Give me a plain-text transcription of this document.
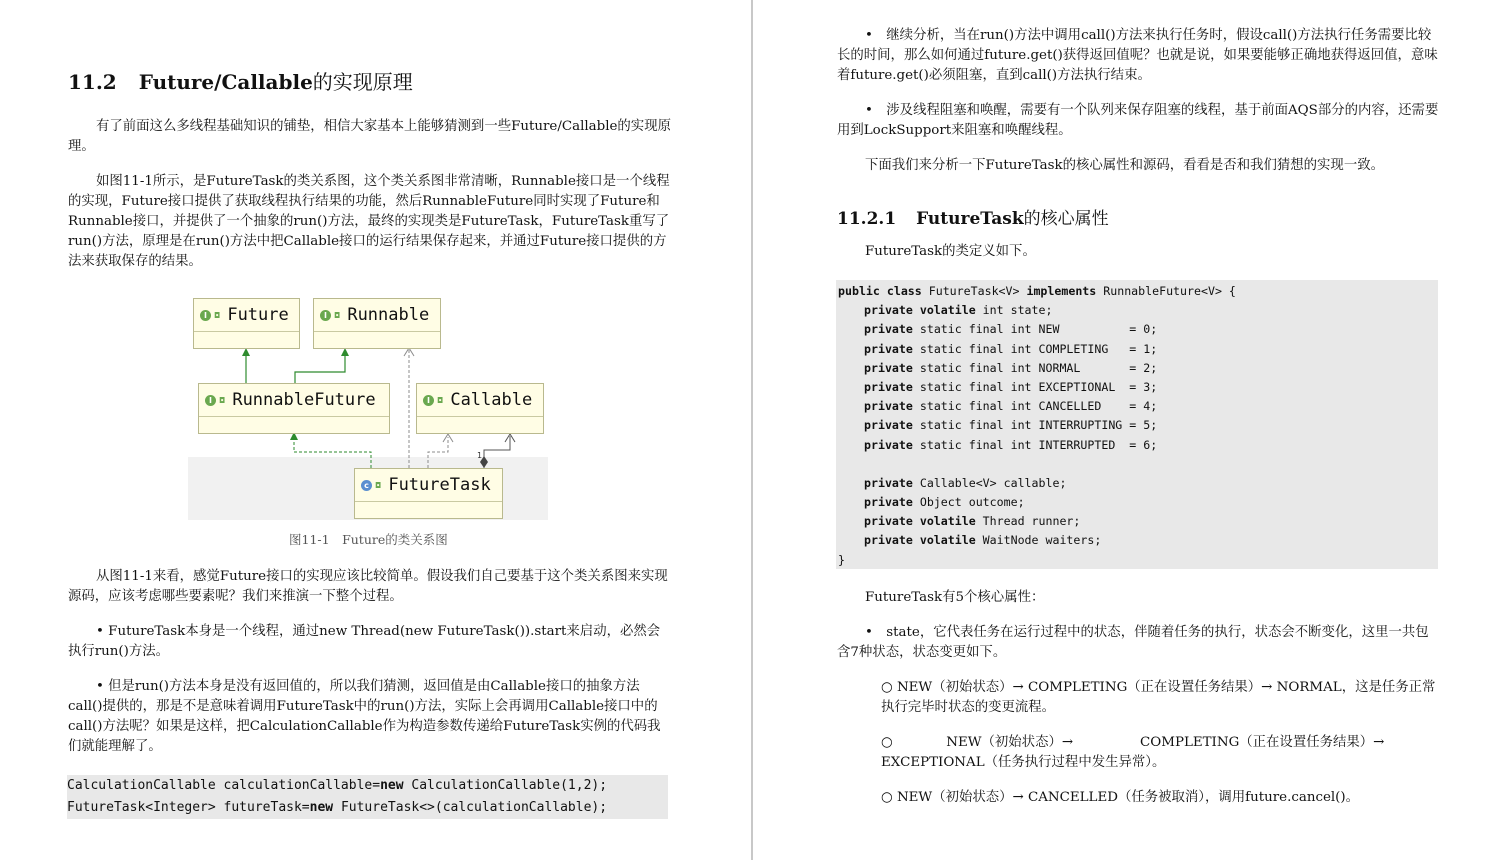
11.2 Future/Callable的实现原理

有了前面这么多线程基础知识的铺垫，相信大家基本上能够猜测到一些Future/Callable的实现原理。

如图11-1所示，是FutureTask的类关系图，这个类关系图非常清晰，Runnable接口是一个线程的实现，Future接口提供了获取线程执行结果的功能，然后RunnableFuture同时实现了Future和Runnable接口，并提供了一个抽象的run()方法，最终的实现类是FutureTask，FutureTask重写了run()方法，原理是在run()方法中把Callable接口的运行结果保存起来，并通过Future接口提供的方法来获取保存的结果。

1
I ◘ Future	I ◘ Runnable
I ◘ RunnableFuture	I ◘ Callable
c ◘ FutureTask
图11-1　Future的类关系图

从图11-1来看，感觉Future接口的实现应该比较简单。假设我们自己要基于这个类关系图来实现源码，应该考虑哪些要素呢？我们来推演一下整个过程。

• FutureTask本身是一个线程，通过new Thread(new FutureTask()).start来启动，必然会执行run()方法。

• 但是run()方法本身是没有返回值的，所以我们猜测，返回值是由Callable接口的抽象方法call()提供的，那是不是意味着调用FutureTask中的run()方法，实际上会再调用Callable接口中的call()方法呢？如果是这样，把CalculationCallable作为构造参数传递给FutureTask实例的代码我们就能理解了。

CalculationCallable calculationCallable=new CalculationCallable(1,2);
FutureTask<Integer> futureTask=new FutureTask<>(calculationCallable);

•　继续分析，当在run()方法中调用call()方法来执行任务时，假设call()方法执行任务需要比较长的时间，那么如何通过future.get()获得返回值呢？也就是说，如果要能够正确地获得返回值，意味着future.get()必须阻塞，直到call()方法执行结束。

•　涉及线程阻塞和唤醒，需要有一个队列来保存阻塞的线程，基于前面AQS部分的内容，还需要用到LockSupport来阻塞和唤醒线程。

下面我们来分析一下FutureTask的核心属性和源码，看看是否和我们猜想的实现一致。

11.2.1 FutureTask的核心属性

FutureTask的类定义如下。

public class FutureTask<V> implements RunnableFuture<V> {
private volatile int state;
private static final int NEW          = 0;
private static final int COMPLETING   = 1;
private static final int NORMAL       = 2;
private static final int EXCEPTIONAL  = 3;
private static final int CANCELLED    = 4;
private static final int INTERRUPTING = 5;
private static final int INTERRUPTED  = 6;
private Callable<V> callable;
private Object outcome;
private volatile Thread runner;
private volatile WaitNode waiters;
}

FutureTask有5个核心属性：

•　state，它代表任务在运行过程中的状态，伴随着任务的执行，状态会不断变化，这里一共包含7种状态，状态变更如下。

○ NEW（初始状态）→ COMPLETING（正在设置任务结果）→ NORMAL，这是任务正常执行完毕时状态的变更流程。

○　　　　NEW（初始状态）→　　　　　COMPLETING（正在设置任务结果）→ EXCEPTIONAL（任务执行过程中发生异常）。

○ NEW（初始状态）→ CANCELLED（任务被取消），调用future.cancel()。
